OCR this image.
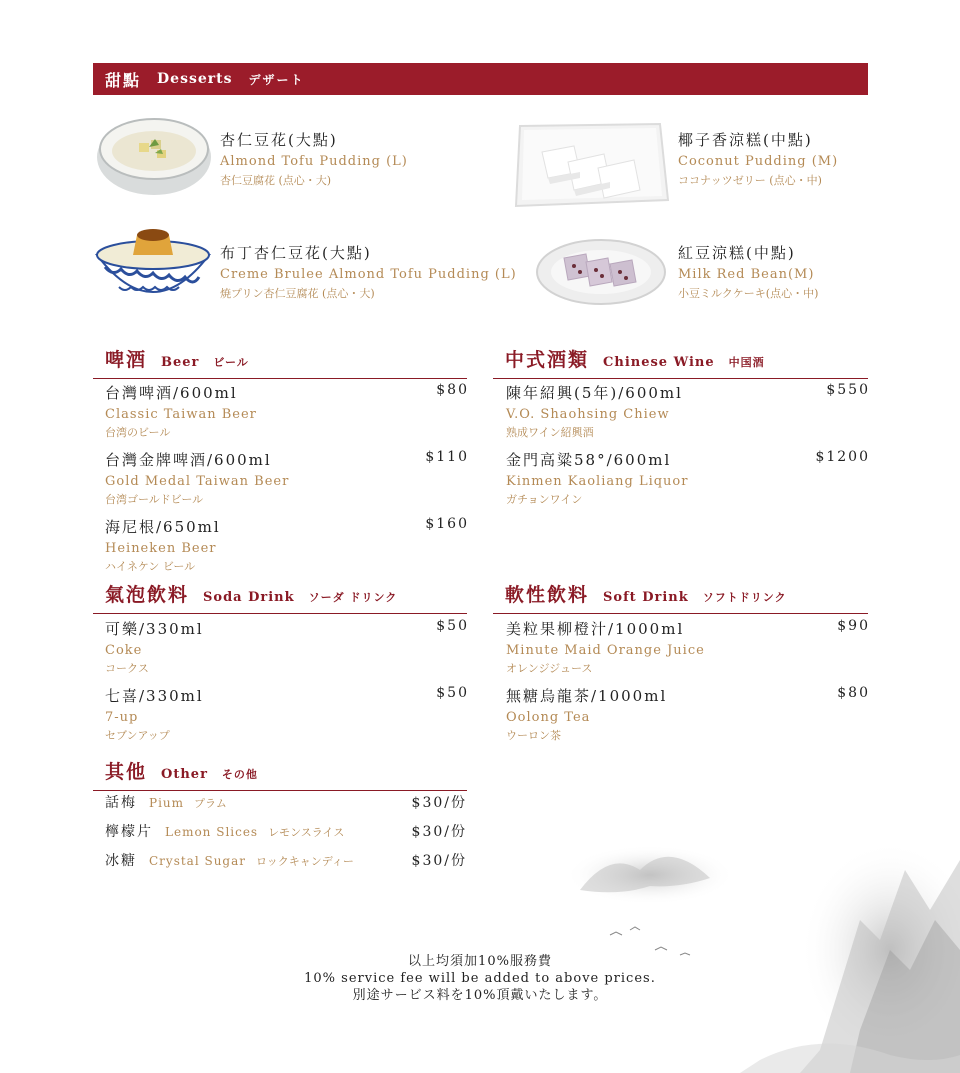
甜點 Desserts デザート
杏仁豆花(大點)
Almond Tofu Pudding (L)
杏仁豆腐花 (点心・大)
椰子香涼糕(中點)
Coconut Pudding (M)
ココナッツゼリー (点心・中)
布丁杏仁豆花(大點)
Creme Brulee Almond Tofu Pudding (L)
焼プリン杏仁豆腐花 (点心・大)
紅豆涼糕(中點)
Milk Red Bean(M)
小豆ミルクケーキ(点心・中)
啤酒 Beer ビール
台灣啤酒/600ml	$80
Classic Taiwan Beer
台湾のビール
台灣金牌啤酒/600ml	$110
Gold Medal Taiwan Beer
台湾ゴールドビール
海尼根/650ml	$160
Heineken Beer
ハイネケン ビール
中式酒類 Chinese Wine 中国酒
陳年紹興(5年)/600ml	$550
V.O. Shaohsing Chiew
熟成ワイン紹興酒
金門高粱58°/600ml	$1200
Kinmen Kaoliang Liquor
ガチョンワイン
氣泡飲料 Soda Drink ソーダ ドリンク
可樂/330ml	$50
Coke
コークス
七喜/330ml	$50
7-up
セブンアップ
軟性飲料 Soft Drink ソフトドリンク
美粒果柳橙汁/1000ml	$90
Minute Maid Orange Juice
オレンジジュース
無糖烏龍茶/1000ml	$80
Oolong Tea
ウーロン茶
其他 Other その他
話梅 Pium プラム	$30/份
檸檬片 Lemon Slices レモンスライス	$30/份
冰糖 Crystal Sugar ロックキャンディー	$30/份
以上均須加10%服務費
10% service fee will be added to above prices.
別途サービス料を10%頂戴いたします。
